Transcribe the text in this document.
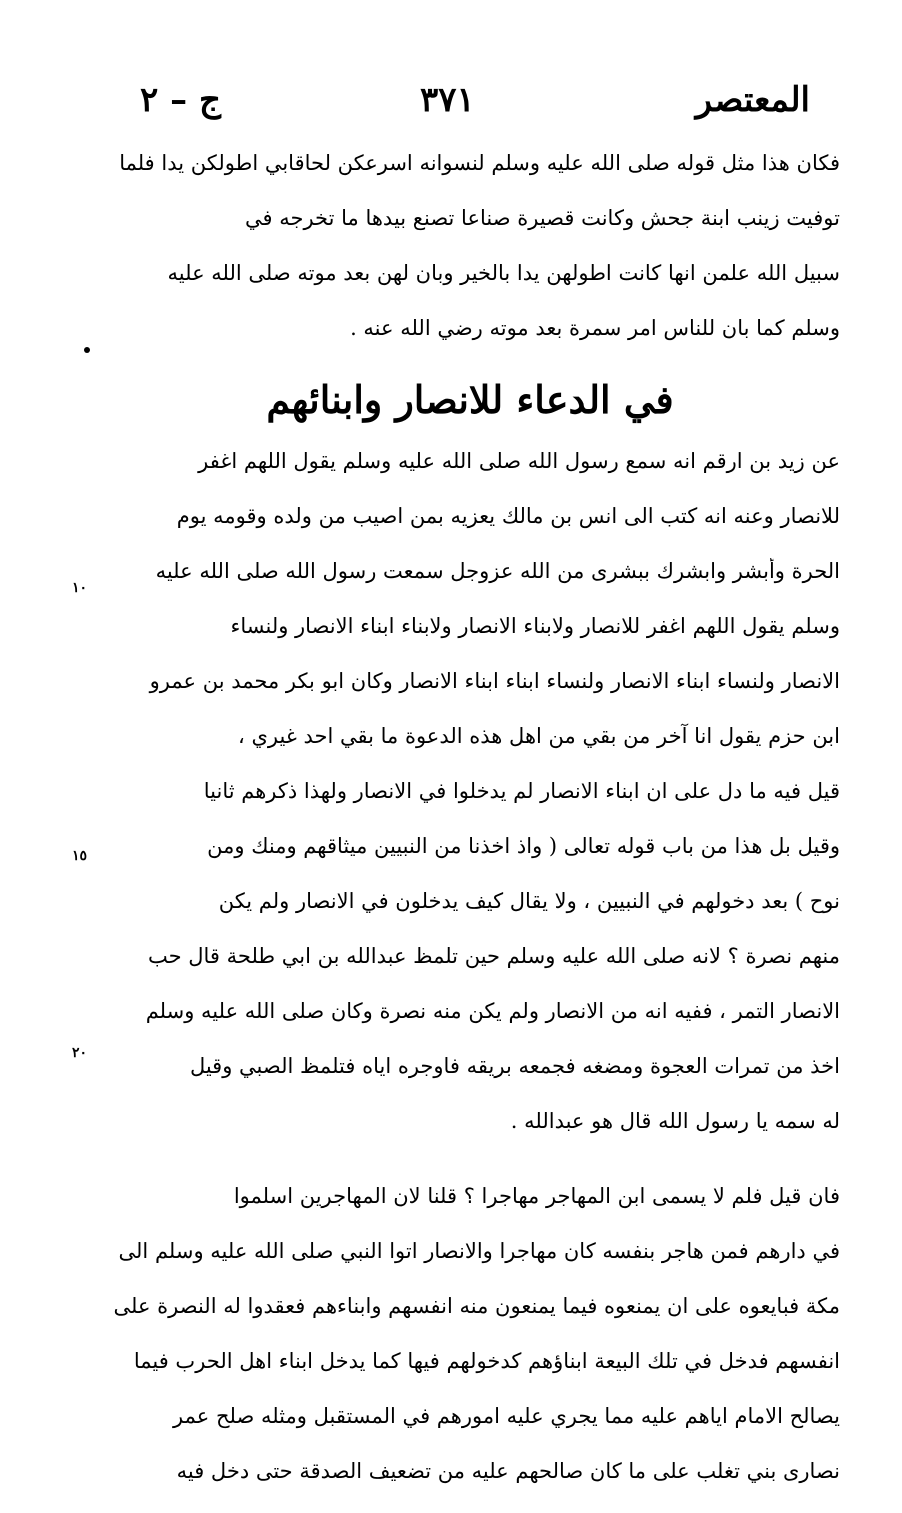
ج – ٢	٣٧١	المعتصر
فكان هذا مثل قوله صلى الله عليه وسلم لنسوانه اسرعكن لحاقابي اطولكن يدا فلما
توفيت زينب ابنة جحش وكانت قصيرة صناعا تصنع بيدها ما تخرجه في
سبيل الله علمن انها كانت اطولهن يدا بالخير وبان لهن بعد موته صلى الله عليه
وسلم كما بان للناس امر سمرة بعد موته رضي الله عنه .
في الدعاء للانصار وابنائهم
عن زيد بن ارقم انه سمع رسول الله صلى الله عليه وسلم يقول اللهم اغفر
للانصار وعنه انه كتب الى انس بن مالك يعزيه بمن اصيب من ولده وقومه يوم
الحرة وأبشر وابشرك ببشرى من الله عزوجل سمعت رسول الله صلى الله عليه
وسلم يقول اللهم اغفر للانصار ولابناء الانصار ولابناء ابناء الانصار ولنساء
الانصار ولنساء ابناء الانصار ولنساء ابناء ابناء الانصار وكان ابو بكر محمد بن عمرو
ابن حزم يقول انا آخر من بقي من اهل هذه الدعوة ما بقي احد غيري ،
قيل فيه ما دل على ان ابناء الانصار لم يدخلوا في الانصار ولهذا ذكرهم ثانيا
وقيل بل هذا من باب قوله تعالى ( واذ اخذنا من النبيين ميثاقهم ومنك ومن
نوح ) بعد دخولهم في النبيين ، ولا يقال كيف يدخلون في الانصار ولم يكن
منهم نصرة ؟ لانه صلى الله عليه وسلم حين تلمظ عبدالله بن ابي طلحة قال حب
الانصار التمر ، ففيه انه من الانصار ولم يكن منه نصرة وكان صلى الله عليه وسلم
اخذ من تمرات العجوة ومضغه فجمعه بريقه فاوجره اياه فتلمظ الصبي وقيل
له سمه يا رسول الله قال هو عبدالله .
فان قيل فلم لا يسمى ابن المهاجر مهاجرا ؟ قلنا لان المهاجرين اسلموا
في دارهم فمن هاجر بنفسه كان مهاجرا والانصار اتوا النبي صلى الله عليه وسلم الى
مكة فبايعوه على ان يمنعوه فيما يمنعون منه انفسهم وابناءهم فعقدوا له النصرة على
انفسهم فدخل في تلك البيعة ابناؤهم كدخولهم فيها كما يدخل ابناء اهل الحرب فيما
يصالح الامام اياهم عليه مما يجري عليه امورهم في المستقبل ومثله صلح عمر
نصارى بني تغلب على ما كان صالحهم عليه من تضعيف الصدقة حتى دخل فيه
١٠
١٥
٢٠
